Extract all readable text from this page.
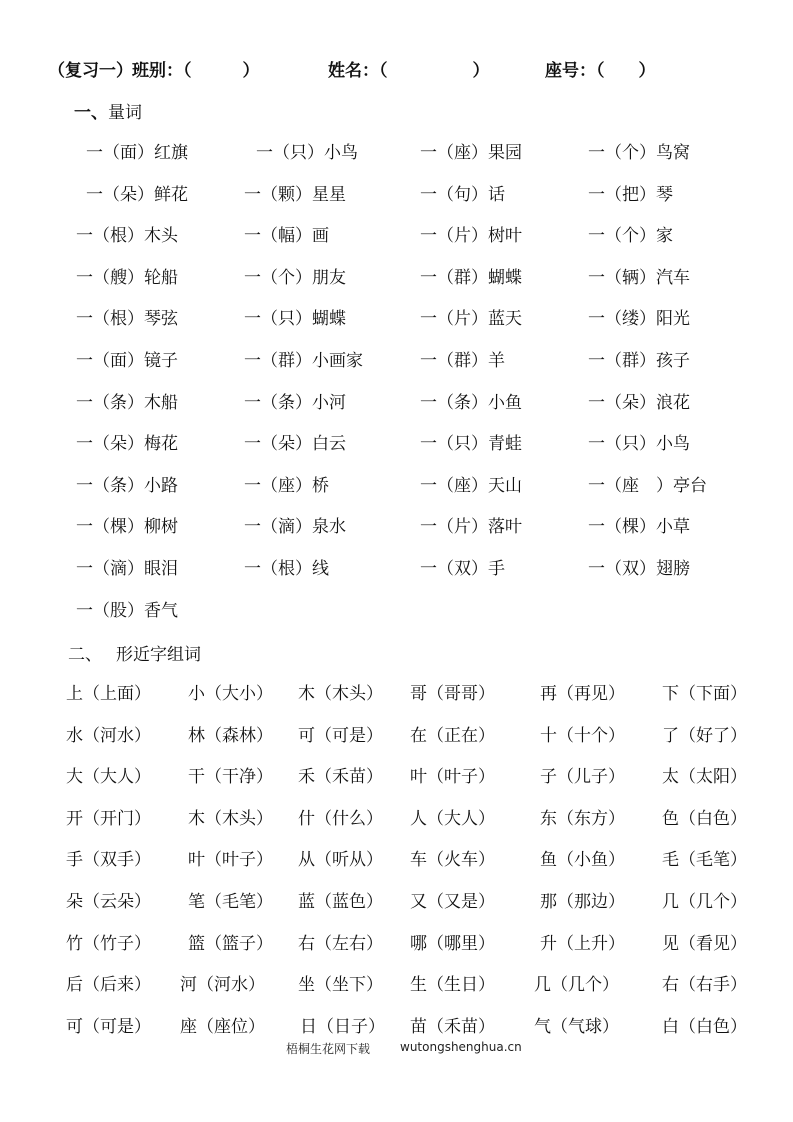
（复习一） 班别：（　　　）	姓名：（　　　　　）	座号：（　　）
一、量词
一（面）红旗	一（只）小鸟	一（座）果园	一（个）鸟窝
一（朵）鲜花	一（颗）星星	一（句）话	一（把）琴
一（根）木头	一（幅）画	一（片）树叶	一（个）家
一（艘）轮船	一（个）朋友	一（群）蝴蝶	一（辆）汽车
一（根）琴弦	一（只）蝴蝶	一（片）蓝天	一（缕）阳光
一（面）镜子	一（群）小画家	一（群）羊	一（群）孩子
一（条）木船	一（条）小河	一（条）小鱼	一（朵）浪花
一（朵）梅花	一（朵）白云	一（只）青蛙	一（只）小鸟
一（条）小路	一（座）桥	一（座）天山	一（座　）亭台
一（棵）柳树	一（滴）泉水	一（片）落叶	一（棵）小草
一（滴）眼泪	一（根）线	一（双）手	一（双）翅膀
一（股）香气
二、 形近字组词
上（上面） 小（大小） 木（木头） 哥（哥哥）	再（再见） 下（下面）
水（河水） 林（森林） 可（可是） 在（正在）	十（十个） 了（好了）
大（大人） 干（干净） 禾（禾苗） 叶（叶子）	子（儿子） 太（太阳）
开（开门） 木（木头） 什（什么） 人（大人）	东（东方） 色（白色）
手（双手） 叶（叶子） 从（听从） 车（火车）	鱼（小鱼） 毛（毛笔）
朵（云朵） 笔（毛笔） 蓝（蓝色） 又（又是）	那（那边） 几（几个）
竹（竹子） 篮（篮子） 右（左右） 哪（哪里）	升（上升） 见（看见）
后（后来） 河（河水） 坐（坐下） 生（生日） 几（几个）	右（右手）
可（可是） 座（座位） 日（日子） 苗（禾苗） 气（气球）	白（白色）
梧桐生花网下载 wutongshenghua.cn
